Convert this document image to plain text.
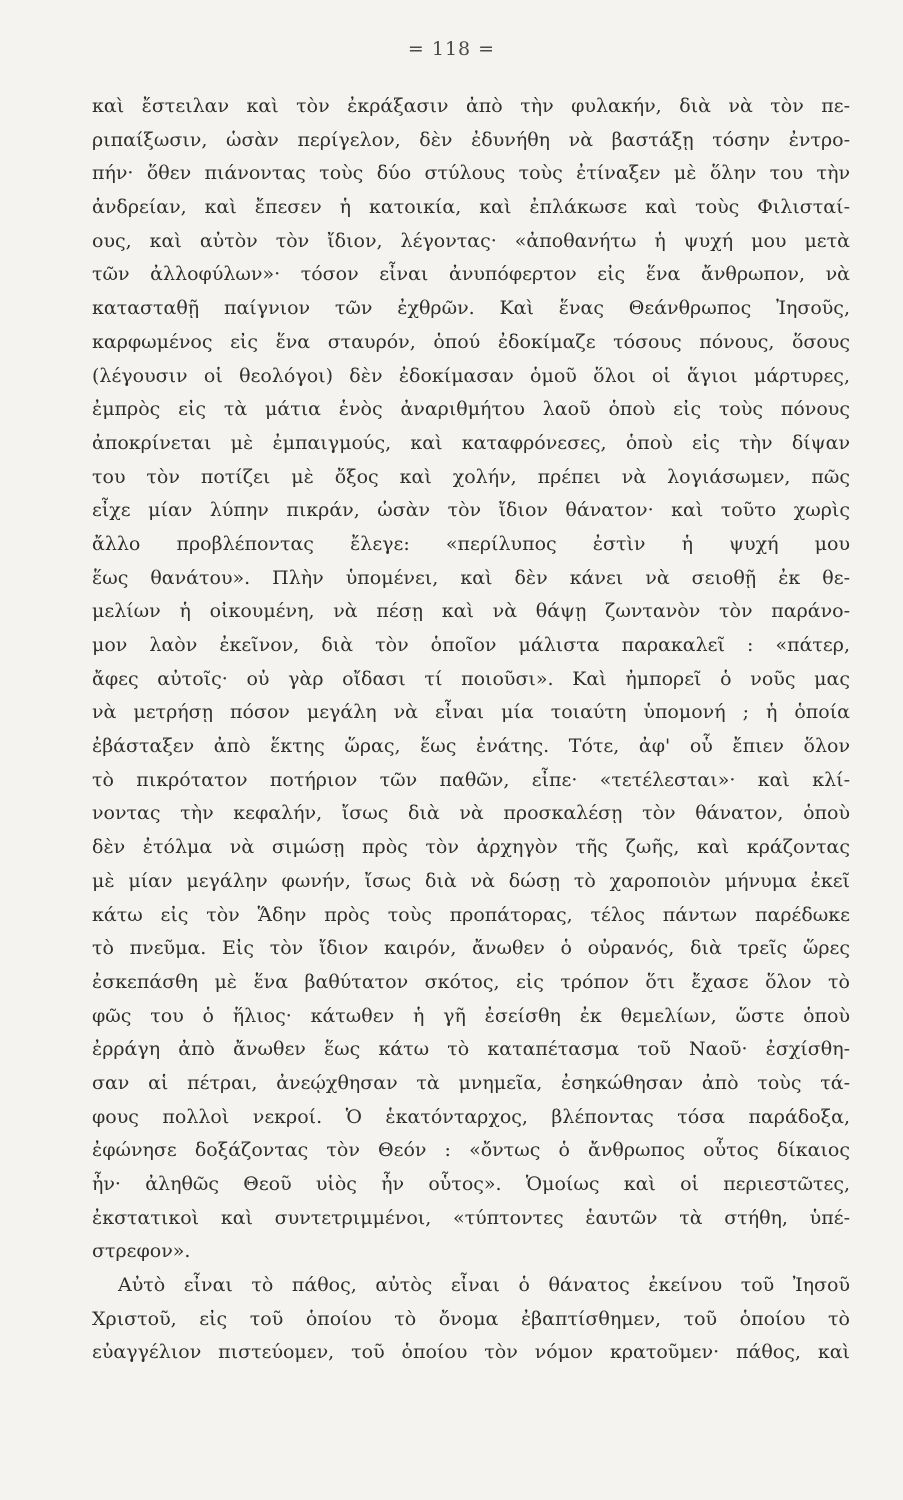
= 118 =
καὶ ἔστειλαν καὶ τὸν ἐκράξασιν ἀπὸ τὴν φυλακήν, διὰ νὰ τὸν πε-
ριπαίξωσιν, ὡσὰν περίγελον, δὲν ἐδυνήθη νὰ βαστάξῃ τόσην ἐντρο-
πήν· ὅθεν πιάνοντας τοὺς δύο στύλους τοὺς ἐτίναξεν μὲ ὅλην του τὴν
ἀνδρείαν, καὶ ἔπεσεν ἡ κατοικία, καὶ ἐπλάκωσε καὶ τοὺς Φιλισταί-
ους, καὶ αὐτὸν τὸν ἴδιον, λέγοντας· «ἀποθανήτω ἡ ψυχή μου μετὰ
τῶν ἀλλοφύλων»· τόσον εἶναι ἀνυπόφερτον εἰς ἕνα ἄνθρωπον, νὰ
κατασταθῇ παίγνιον τῶν ἐχθρῶν. Καὶ ἕνας Θεάνθρωπος Ἰησοῦς,
καρφωμένος εἰς ἕνα σταυρόν, ὁπού ἐδοκίμαζε τόσους πόνους, ὅσους
(λέγουσιν οἱ θεολόγοι) δὲν ἐδοκίμασαν ὁμοῦ ὅλοι οἱ ἅγιοι μάρτυρες,
ἐμπρὸς εἰς τὰ μάτια ἑνὸς ἀναριθμήτου λαοῦ ὁποὺ εἰς τοὺς πόνους
ἀποκρίνεται μὲ ἐμπαιγμούς, καὶ καταφρόνεσες, ὁποὺ εἰς τὴν δίψαν
του τὸν ποτίζει μὲ ὄξος καὶ χολήν, πρέπει νὰ λογιάσωμεν, πῶς
εἶχε μίαν λύπην πικράν, ὡσὰν τὸν ἴδιον θάνατον· καὶ τοῦτο χωρὶς
ἄλλο προβλέποντας ἔλεγε: «περίλυπος ἐστὶν ἡ ψυχή μου
ἕως θανάτου». Πλὴν ὑπομένει, καὶ δὲν κάνει νὰ σειοθῇ ἐκ θε-
μελίων ἡ οἰκουμένη, νὰ πέσῃ καὶ νὰ θάψῃ ζωντανὸν τὸν παράνο-
μον λαὸν ἐκεῖνον, διὰ τὸν ὁποῖον μάλιστα παρακαλεῖ : «πάτερ,
ἄφες αὐτοῖς· οὐ γὰρ οἴδασι τί ποιοῦσι». Καὶ ἠμπορεῖ ὁ νοῦς μας
νὰ μετρήσῃ πόσον μεγάλη νὰ εἶναι μία τοιαύτη ὑπομονή ; ἡ ὁποία
ἐβάσταξεν ἀπὸ ἕκτης ὥρας, ἕως ἐνάτης. Τότε, ἀφ' οὗ ἔπιεν ὅλον
τὸ πικρότατον ποτήριον τῶν παθῶν, εἶπε· «τετέλεσται»· καὶ κλί-
νοντας τὴν κεφαλήν, ἴσως διὰ νὰ προσκαλέσῃ τὸν θάνατον, ὁποὺ
δὲν ἐτόλμα νὰ σιμώσῃ πρὸς τὸν ἀρχηγὸν τῆς ζωῆς, καὶ κράζοντας
μὲ μίαν μεγάλην φωνήν, ἴσως διὰ νὰ δώσῃ τὸ χαροποιὸν μήνυμα ἐκεῖ
κάτω εἰς τὸν Ἅδην πρὸς τοὺς προπάτορας, τέλος πάντων παρέδωκε
τὸ πνεῦμα. Εἰς τὸν ἴδιον καιρόν, ἄνωθεν ὁ οὐρανός, διὰ τρεῖς ὥρες
ἐσκεπάσθη μὲ ἕνα βαθύτατον σκότος, εἰς τρόπον ὅτι ἔχασε ὅλον τὸ
φῶς του ὁ ἥλιος· κάτωθεν ἡ γῆ ἐσείσθη ἐκ θεμελίων, ὥστε ὁποὺ
ἐρράγη ἀπὸ ἄνωθεν ἕως κάτω τὸ καταπέτασμα τοῦ Ναοῦ· ἐσχίσθη-
σαν αἱ πέτραι, ἀνεῴχθησαν τὰ μνημεῖα, ἐσηκώθησαν ἀπὸ τοὺς τά-
φους πολλοὶ νεκροί. Ὁ ἑκατόνταρχος, βλέποντας τόσα παράδοξα,
ἐφώνησε δοξάζοντας τὸν Θεόν : «ὄντως ὁ ἄνθρωπος οὗτος δίκαιος
ἦν· ἀληθῶς Θεοῦ υἱὸς ἦν οὗτος». Ὁμοίως καὶ οἱ περιεστῶτες,
ἐκστατικοὶ καὶ συντετριμμένοι, «τύπτοντες ἑαυτῶν τὰ στήθη, ὑπέ-
στρεφον».
Αὐτὸ εἶναι τὸ πάθος, αὐτὸς εἶναι ὁ θάνατος ἐκείνου τοῦ Ἰησοῦ
Χριστοῦ, εἰς τοῦ ὁποίου τὸ ὄνομα ἐβαπτίσθημεν, τοῦ ὁποίου τὸ
εὐαγγέλιον πιστεύομεν, τοῦ ὁποίου τὸν νόμον κρατοῦμεν· πάθος, καὶ
